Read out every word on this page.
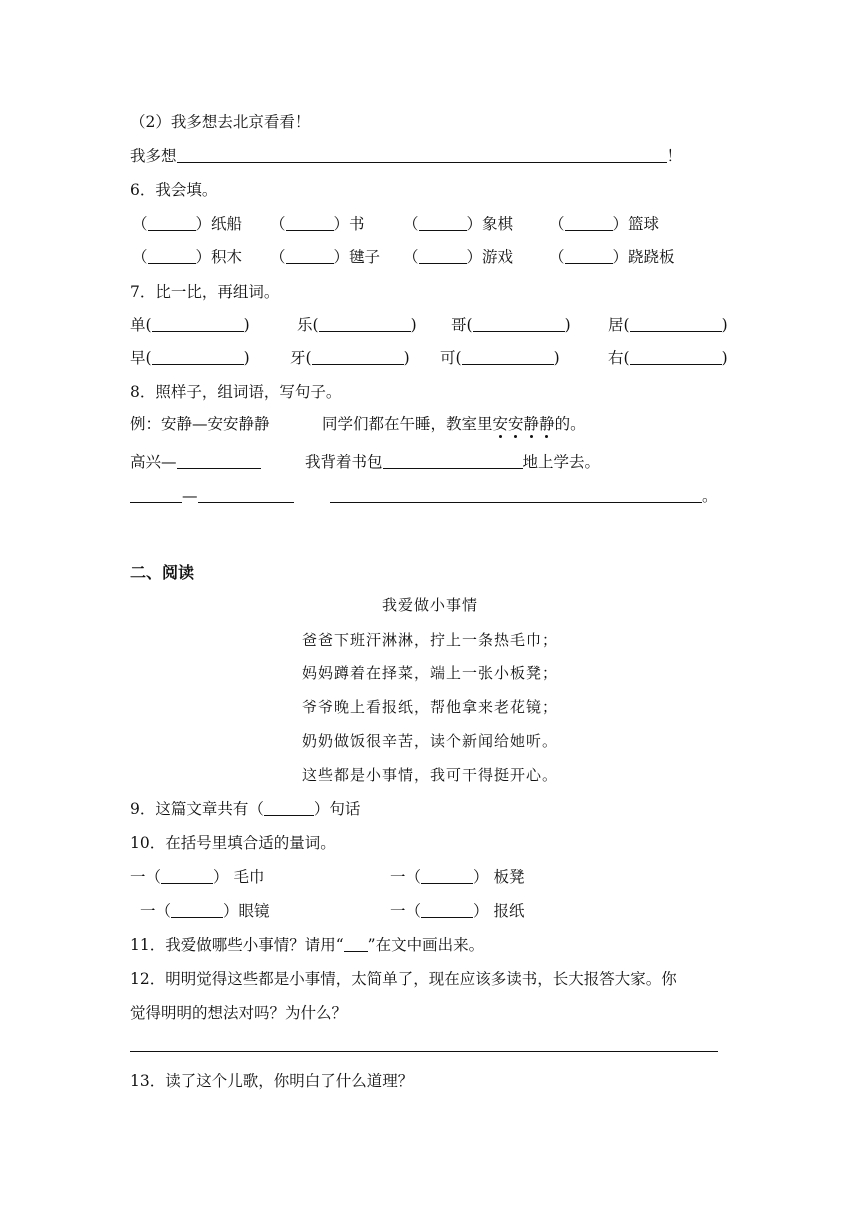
（2）我多想去北京看看！
我多想	！
6．我会填。
（	）纸船 （	）书 （	）象棋 （	）篮球
（	）积木 （	）毽子 （	）游戏 （	）跷跷板
7．比一比，再组词。
单(	)	乐(	) 哥(	) 居(	)
早(	)	牙(	) 可(	)	右(	)
8．照样子，组词语，写句子。
例：安静—安安静静	同学们都在午睡，教室里安安静静的。
高兴—	我背着书包	地上学去。
—	。
二、阅读
我爱做小事情
爸爸下班汗淋淋，拧上一条热毛巾；
妈妈蹲着在择菜，端上一张小板凳；
爷爷晚上看报纸，帮他拿来老花镜；
奶奶做饭很辛苦，读个新闻给她听。
这些都是小事情，我可干得挺开心。
9．这篇文章共有（	）句话
10．在括号里填合适的量词。
一（	） 毛巾	一（	） 板凳
一（	）眼镜	一（	） 报纸
11．我爱做哪些小事情？请用“ ”在文中画出来。
12．明明觉得这些都是小事情，太简单了，现在应该多读书，长大报答大家。你
觉得明明的想法对吗？为什么？
13．读了这个儿歌，你明白了什么道理？
